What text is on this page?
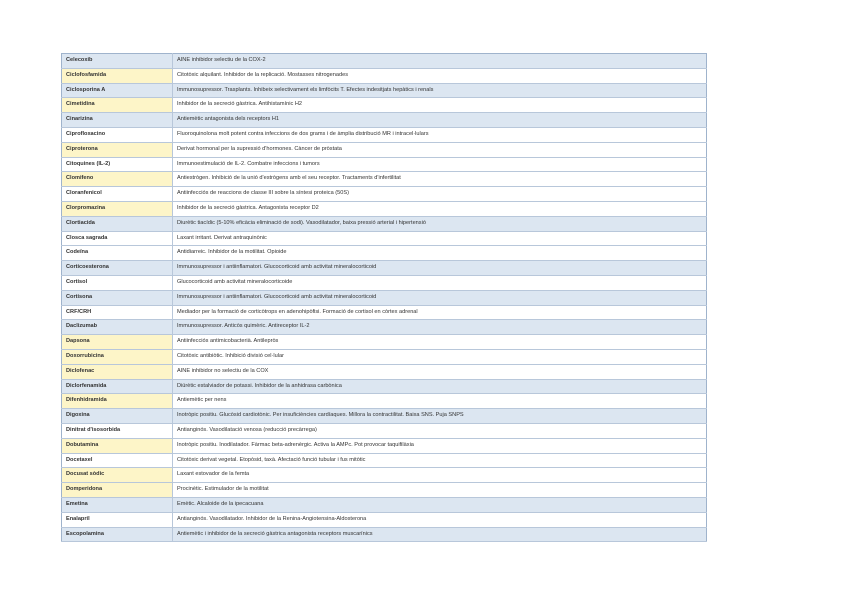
Celecoxib	AINE inhibidor selectiu de la COX-2
Ciclofosfamida	Citotòxic alquilant. Inhibidor de la replicació. Mostasses nitrogenades
Ciclosporina A	Immunosupressor. Trasplants. Inhibeix selectivament els limfòcits T. Efectes indesitjats hepàtics i renals
Cimetidina	Inhibidor de la secreció gàstrica. Antihistamínic H2
Cinarizina	Antiemètic antagonista dels receptors H1
Ciprofloxacino	Fluoroquinolona molt potent contra infeccions de dos grams i de àmplia distribució MR i intracel·lulars
Ciproterona	Derivat hormonal per la supressió d'hormones. Càncer de pròstata
Citoquines (IL-2)	Immunoestimulació de IL-2. Combatre infeccions i tumors
Clomifeno	Antiestrògen. Inhibició de la unió d'estrògens amb el seu receptor. Tractaments d'infertilitat
Cloranfenicol	Antiinfecciós de reaccions de classe III sobre la síntesi proteica (50S)
Clorpromazina	Inhibidor de la secreció gàstrica. Antagonista receptor D2
Clortiacida	Diurètic tiacídic (5-10% eficàcia eliminació de sodi). Vasodilatador, baixa pressió arterial i hipertensió
Closca sagrada	Laxant irritant. Derivat antraquinònic
Codeïna	Antidiarreic. Inhibidor de la motilitat. Opioide
Corticoesterona	Immunosupressor i antiinflamatori. Glucocorticoid amb activitat mineralocorticoid
Cortisol	Glucocorticoid amb activitat mineralocorticoide
Cortisona	Immunosupressor i antiinflamatori. Glucocorticoid amb activitat mineralocorticoid
CRF/CRH	Mediador per la formació de corticòtrops en adenohipòfisi. Formació de cortisol en còrtex adrenal
Daclizumab	Immunosupressor. Anticòs quimèric. Antireceptor IL-2
Dapsona	Antiinfecciós antimicobacterià. Antilepròs
Doxorrubicina	Citotòxic antibiòtic. Inhibició divisió cel·lular
Diclofenac	AINE inhibidor no selectiu de la COX
Diclorfenamida	Diürètic estalviador de potassi. Inhibidor de la anhidrasa carbònica
Difenhidramida	Antiemètic per nens
Digoxina	Inotròpic positiu. Glucòsid cardiotònic. Per insuficiències cardíaques. Millora la contractilitat. Baixa SNS. Puja SNPS
Dinitrat d'isosorbida	Antianginós. Vasodilatació venosa (reducció precàrrega)
Dobutamina	Inotròpic positiu. Inodilatador. Fàrmac beta-adrenèrgic. Activa la AMPc. Pot provocar taquifilàxia
Docetaxel	Citotòxic derivat vegetal. Etopòsid, taxà. Afectació funció tubular i fus mitòtic
Docusat sòdic	Laxant estovador de la femta
Domperidona	Procinètic. Estimulador de la motilitat
Emetina	Emètic. Alcaloide de la ipecacuana
Enalapril	Antianginós. Vasodilatador. Inhibidor de la Renina-Angiotensina-Aldosterona
Escopolamina	Antiemètic i inhibidor de la secreció gàstrica antagonista receptors muscarínics
